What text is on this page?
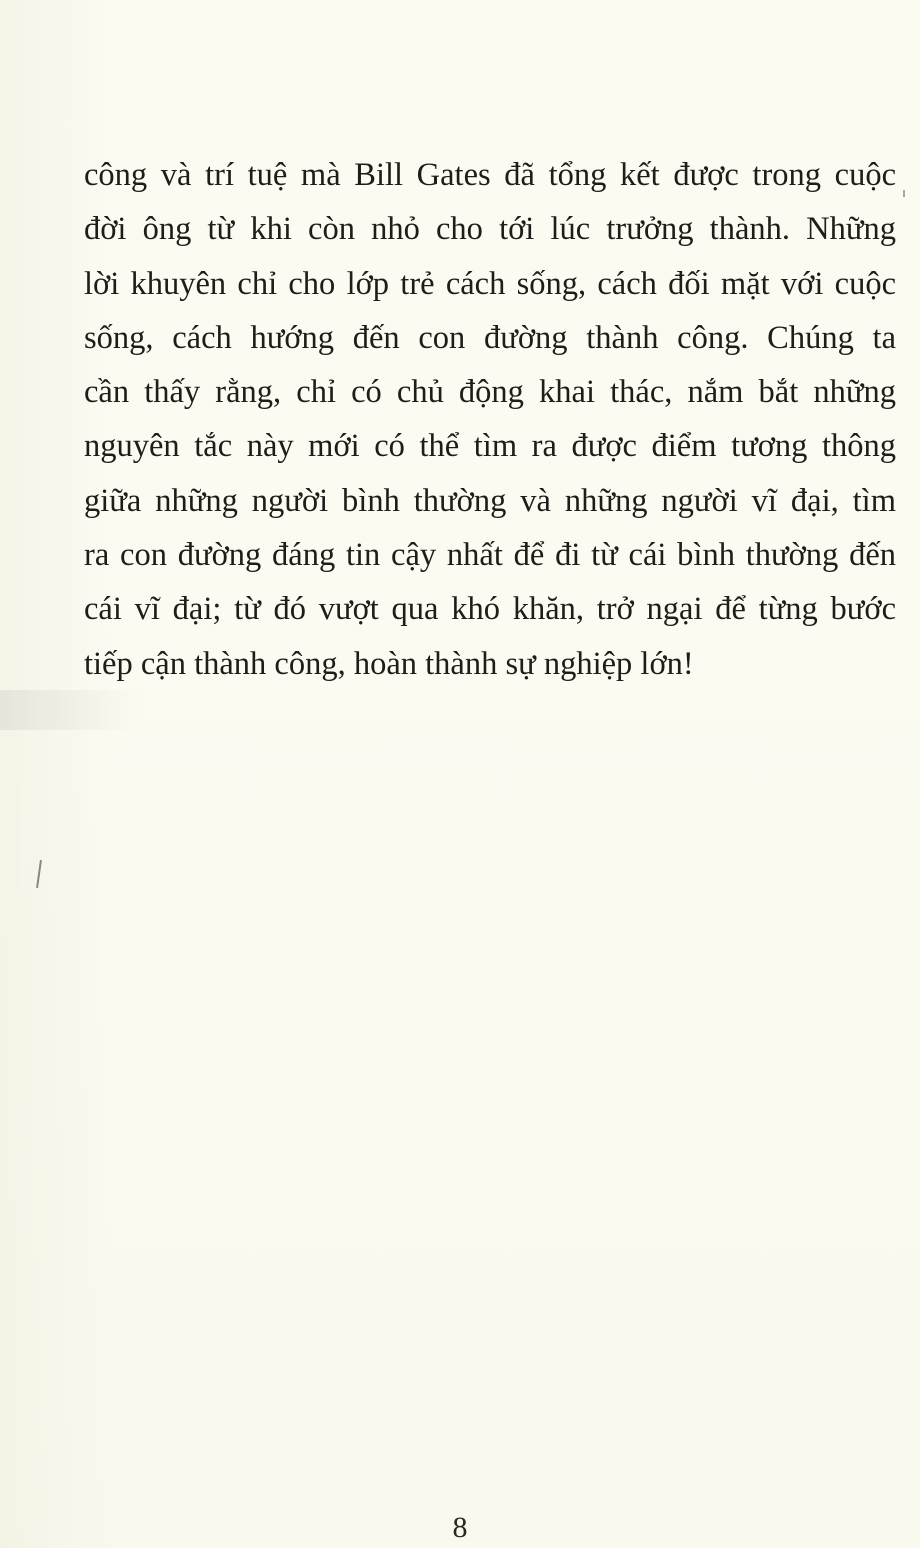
công và trí tuệ mà Bill Gates đã tổng kết được trong cuộc
đời ông từ khi còn nhỏ cho tới lúc trưởng thành. Những
lời khuyên chỉ cho lớp trẻ cách sống, cách đối mặt với cuộc
sống, cách hướng đến con đường thành công. Chúng ta
cần thấy rằng, chỉ có chủ động khai thác, nắm bắt những
nguyên tắc này mới có thể tìm ra được điểm tương thông
giữa những người bình thường và những người vĩ đại, tìm
ra con đường đáng tin cậy nhất để đi từ cái bình thường đến
cái vĩ đại; từ đó vượt qua khó khăn, trở ngại để từng bước
tiếp cận thành công, hoàn thành sự nghiệp lớn!
8
